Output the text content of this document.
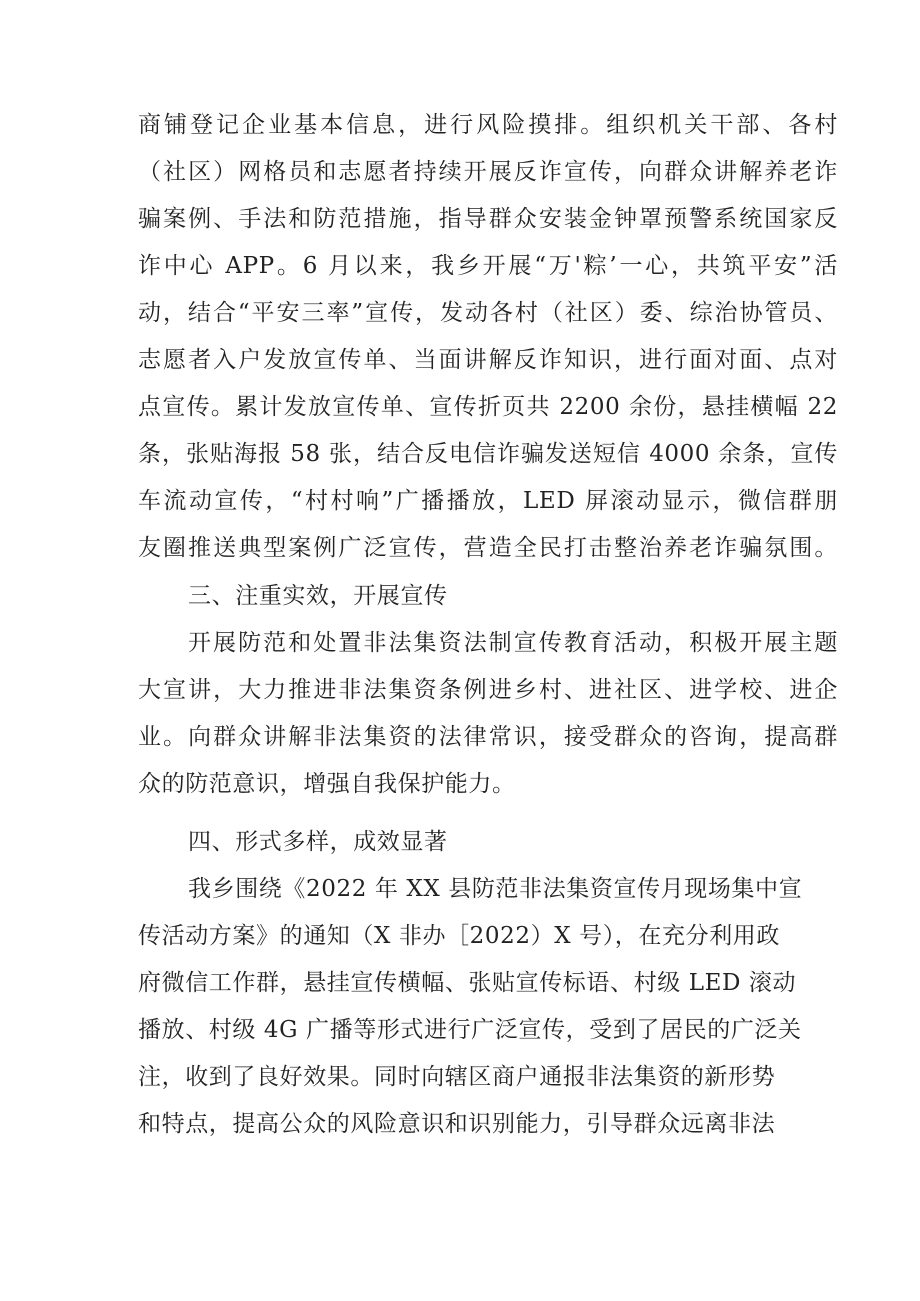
商铺登记企业基本信息，进行风险摸排。组织机关干部、各村
（社区）网格员和志愿者持续开展反诈宣传，向群众讲解养老诈
骗案例、手法和防范措施，指导群众安装金钟罩预警系统国家反
诈中心 APP。6 月以来，我乡开展“万'粽’一心，共筑平安”活
动，结合“平安三率”宣传，发动各村（社区）委、综治协管员、
志愿者入户发放宣传单、当面讲解反诈知识，进行面对面、点对
点宣传。累计发放宣传单、宣传折页共 2200 余份，悬挂横幅 22
条，张贴海报 58 张，结合反电信诈骗发送短信 4000 余条，宣传
车流动宣传，“村村响”广播播放，LED 屏滚动显示，微信群朋
友圈推送典型案例广泛宣传，营造全民打击整治养老诈骗氛围。
三、注重实效，开展宣传
开展防范和处置非法集资法制宣传教育活动，积极开展主题
大宣讲，大力推进非法集资条例进乡村、进社区、进学校、进企
业。向群众讲解非法集资的法律常识，接受群众的咨询，提高群
众的防范意识，增强自我保护能力。
四、形式多样，成效显著
我乡围绕《2022 年 XX 县防范非法集资宣传月现场集中宣
传活动方案》的通知（X 非办［2022）X 号），在充分利用政
府微信工作群，悬挂宣传横幅、张贴宣传标语、村级 LED 滚动
播放、村级 4G 广播等形式进行广泛宣传，受到了居民的广泛关
注，收到了良好效果。同时向辖区商户通报非法集资的新形势
和特点，提高公众的风险意识和识别能力，引导群众远离非法
